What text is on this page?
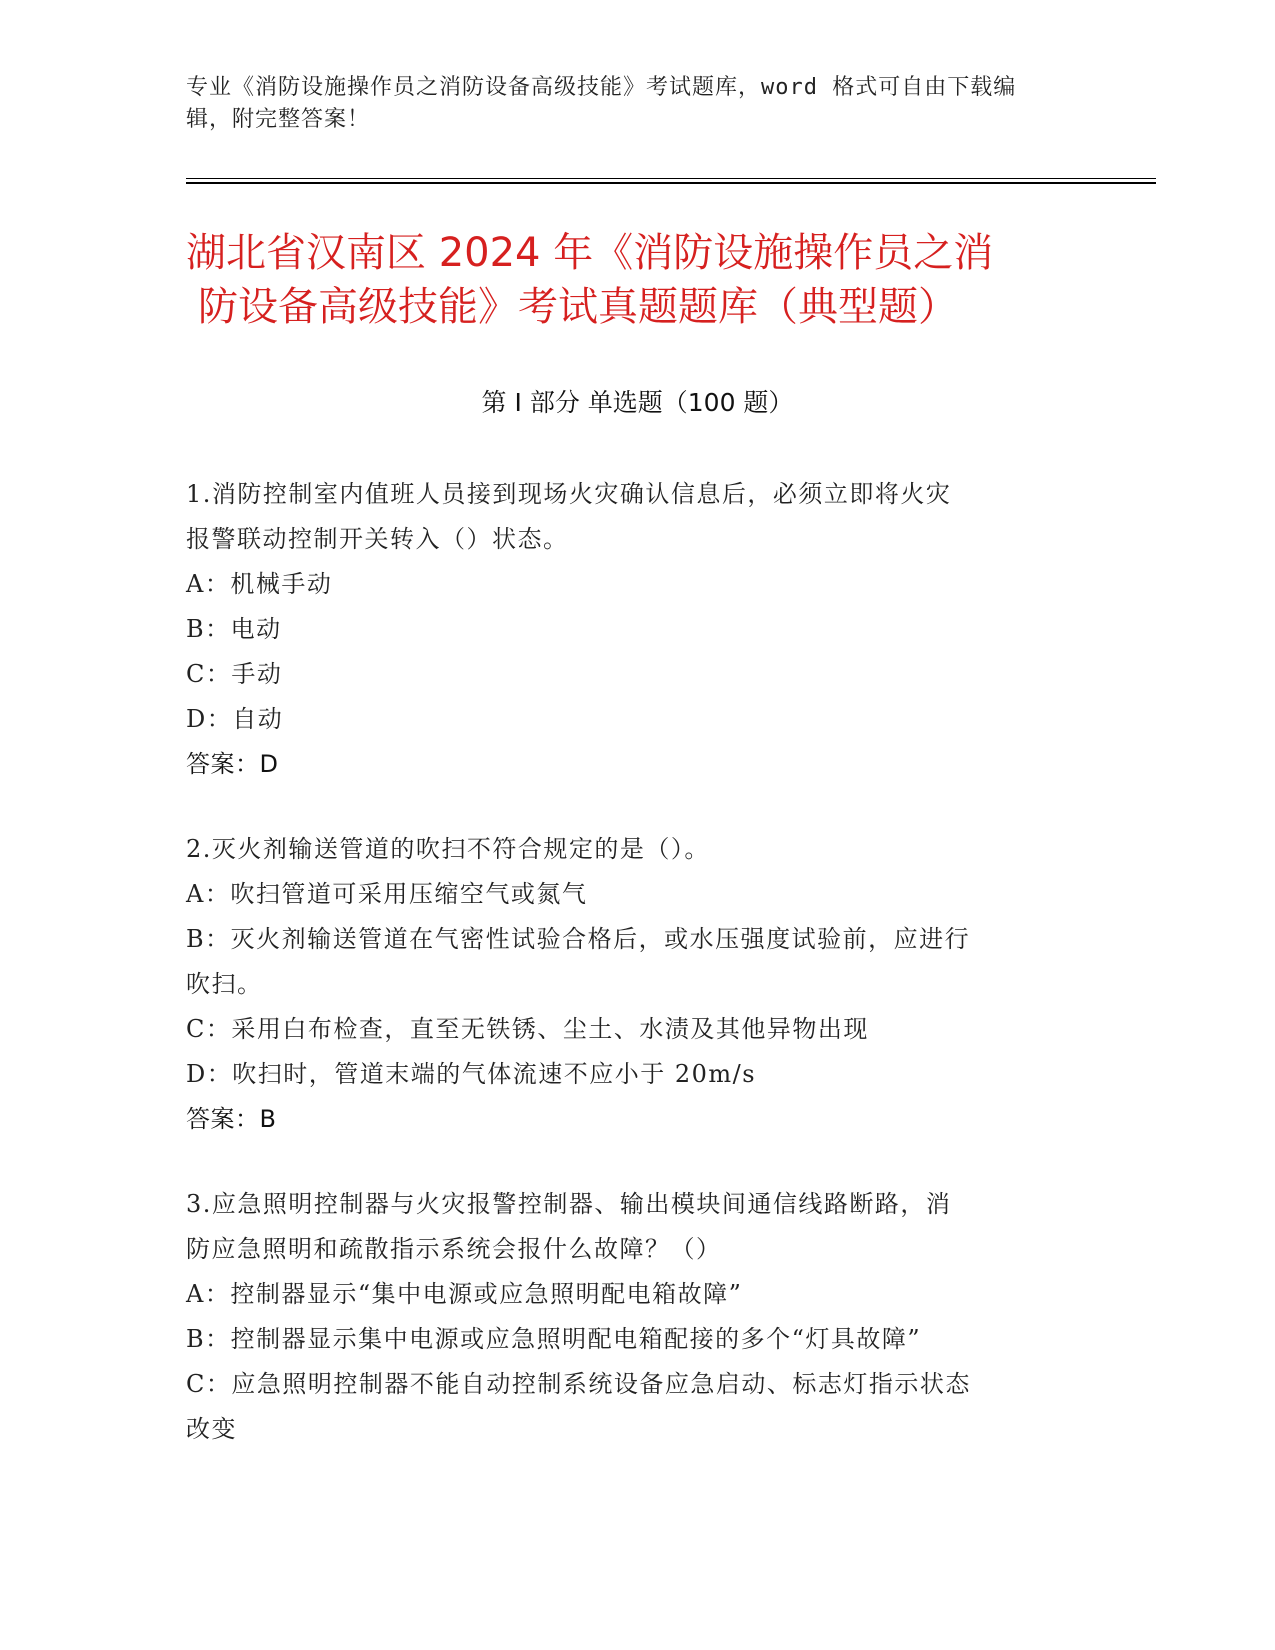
专业《消防设施操作员之消防设备高级技能》考试题库，word 格式可自由下载编
辑，附完整答案！
湖北省汉南区 2024 年《消防设施操作员之消
防设备高级技能》考试真题题库（典型题）
第 I 部分 单选题（100 题）
1.消防控制室内值班人员接到现场火灾确认信息后，必须立即将火灾
报警联动控制开关转入（）状态。
A：机械手动
B：电动
C：手动
D：自动
答案：D
2.灭火剂输送管道的吹扫不符合规定的是（）。
A：吹扫管道可采用压缩空气或氮气
B：灭火剂输送管道在气密性试验合格后，或水压强度试验前，应进行
吹扫。
C：采用白布检查，直至无铁锈、尘土、水渍及其他异物出现
D：吹扫时，管道末端的气体流速不应小于 20m/s
答案：B
3.应急照明控制器与火灾报警控制器、输出模块间通信线路断路，消
防应急照明和疏散指示系统会报什么故障？（）
A：控制器显示“集中电源或应急照明配电箱故障”
B：控制器显示集中电源或应急照明配电箱配接的多个“灯具故障”
C：应急照明控制器不能自动控制系统设备应急启动、标志灯指示状态
改变
